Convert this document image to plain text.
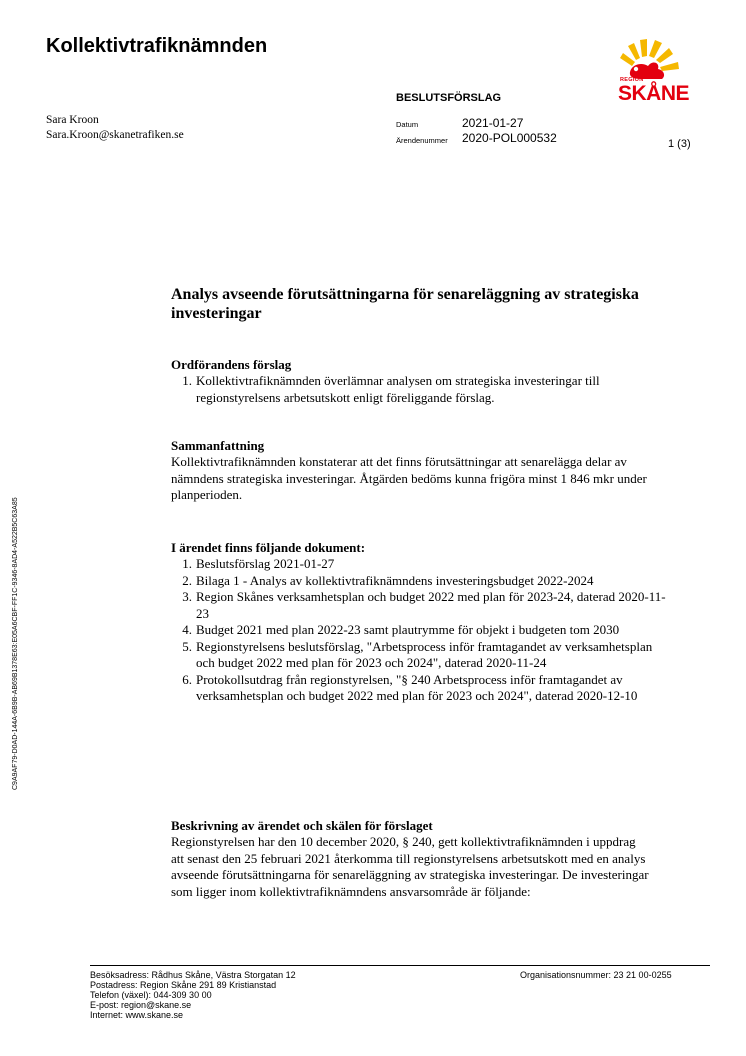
Kollektivtrafiknämnden
Sara Kroon
Sara.Kroon@skanetrafiken.se
BESLUTSFÖRSLAG
Datum	2021-01-27
Ärendenummer 2020-POL000532	1 (3)
REGION
SKÅNE
C9A9AF79-D0AD-144A-6B9B-AB69B1378E63:E05A6CBF-FF1C-9346-8AD4-A522B5C63A85
Analys avseende förutsättningarna för senareläggning av strategiska investeringar
Ordförandens förslag
1. Kollektivtrafiknämnden överlämnar analysen om strategiska investeringar till regionstyrelsens arbetsutskott enligt föreliggande förslag.
Sammanfattning
Kollektivtrafiknämnden konstaterar att det finns förutsättningar att senarelägga delar av nämndens strategiska investeringar. Åtgärden bedöms kunna frigöra minst 1 846 mkr under planperioden.
I ärendet finns följande dokument:
1. Beslutsförslag 2021-01-27
2. Bilaga 1 - Analys av kollektivtrafiknämndens investeringsbudget 2022-2024
3. Region Skånes verksamhetsplan och budget 2022 med plan för 2023-24, daterad 2020-11-23
4. Budget 2021 med plan 2022-23 samt plautrymme för objekt i budgeten tom 2030
5. Regionstyrelsens beslutsförslag, "Arbetsprocess inför framtagandet av verksamhetsplan och budget 2022 med plan för 2023 och 2024", daterad 2020-11-24
6. Protokollsutdrag från regionstyrelsen, "§ 240 Arbetsprocess inför framtagandet av verksamhetsplan och budget 2022 med plan för 2023 och 2024", daterad 2020-12-10
Beskrivning av ärendet och skälen för förslaget
Regionstyrelsen har den 10 december 2020, § 240, gett kollektivtrafiknämnden i uppdrag att senast den 25 februari 2021 återkomma till regionstyrelsens arbetsutskott med en analys avseende förutsättningarna för senareläggning av strategiska investeringar. De investeringar som ligger inom kollektivtrafiknämndens ansvarsområde är följande:
Besöksadress: Rådhus Skåne, Västra Storgatan 12
Postadress: Region Skåne 291 89 Kristianstad
Telefon (växel): 044-309 30 00
E-post: region@skane.se
Internet: www.skane.se
Organisationsnummer: 23 21 00-0255
